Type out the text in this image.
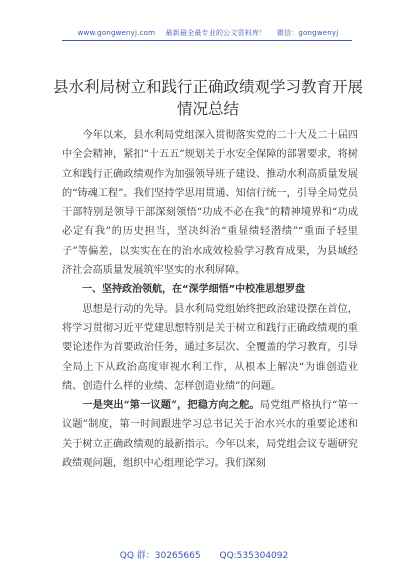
www.gongwenyj.com 最新最全最专业的公文资料库！ 微信：gongwenyj
县水利局树立和践行正确政绩观学习教育开展情况总结

今年以来，县水利局党组深入贯彻落实党的二十大及二十届四中全会精神，紧扣“十五五”规划关于水安全保障的部署要求，将树立和践行正确政绩观作为加强领导班子建设、推动水利高质量发展的“铸魂工程”。我们坚持学思用贯通、知信行统一，引导全局党员干部特别是领导干部深刻领悟“功成不必在我”的精神境界和“功成必定有我”的历史担当，坚决纠治“重显绩轻潜绩”“重面子轻里子”等偏差，以实实在在的治水成效检验学习教育成果，为县域经济社会高质量发展筑牢坚实的水利屏障。

一、坚持政治领航，在“深学细悟”中校准思想罗盘

思想是行动的先导。县水利局党组始终把政治建设摆在首位，将学习贯彻习近平党建思想特别是关于树立和践行正确政绩观的重要论述作为首要政治任务，通过多层次、全覆盖的学习教育，引导全局上下从政治高度审视水利工作，从根本上解决“为谁创造业绩、创造什么样的业绩、怎样创造业绩”的问题。

一是突出“第一议题”，把稳方向之舵。局党组严格执行“第一议题”制度，第一时间跟进学习总书记关于治水兴水的重要论述和关于树立正确政绩观的最新指示。今年以来，局党组会议专题研究政绩观问题，组织中心组理论学习。我们深刻

QQ 群：30265665 QQ:535304092
